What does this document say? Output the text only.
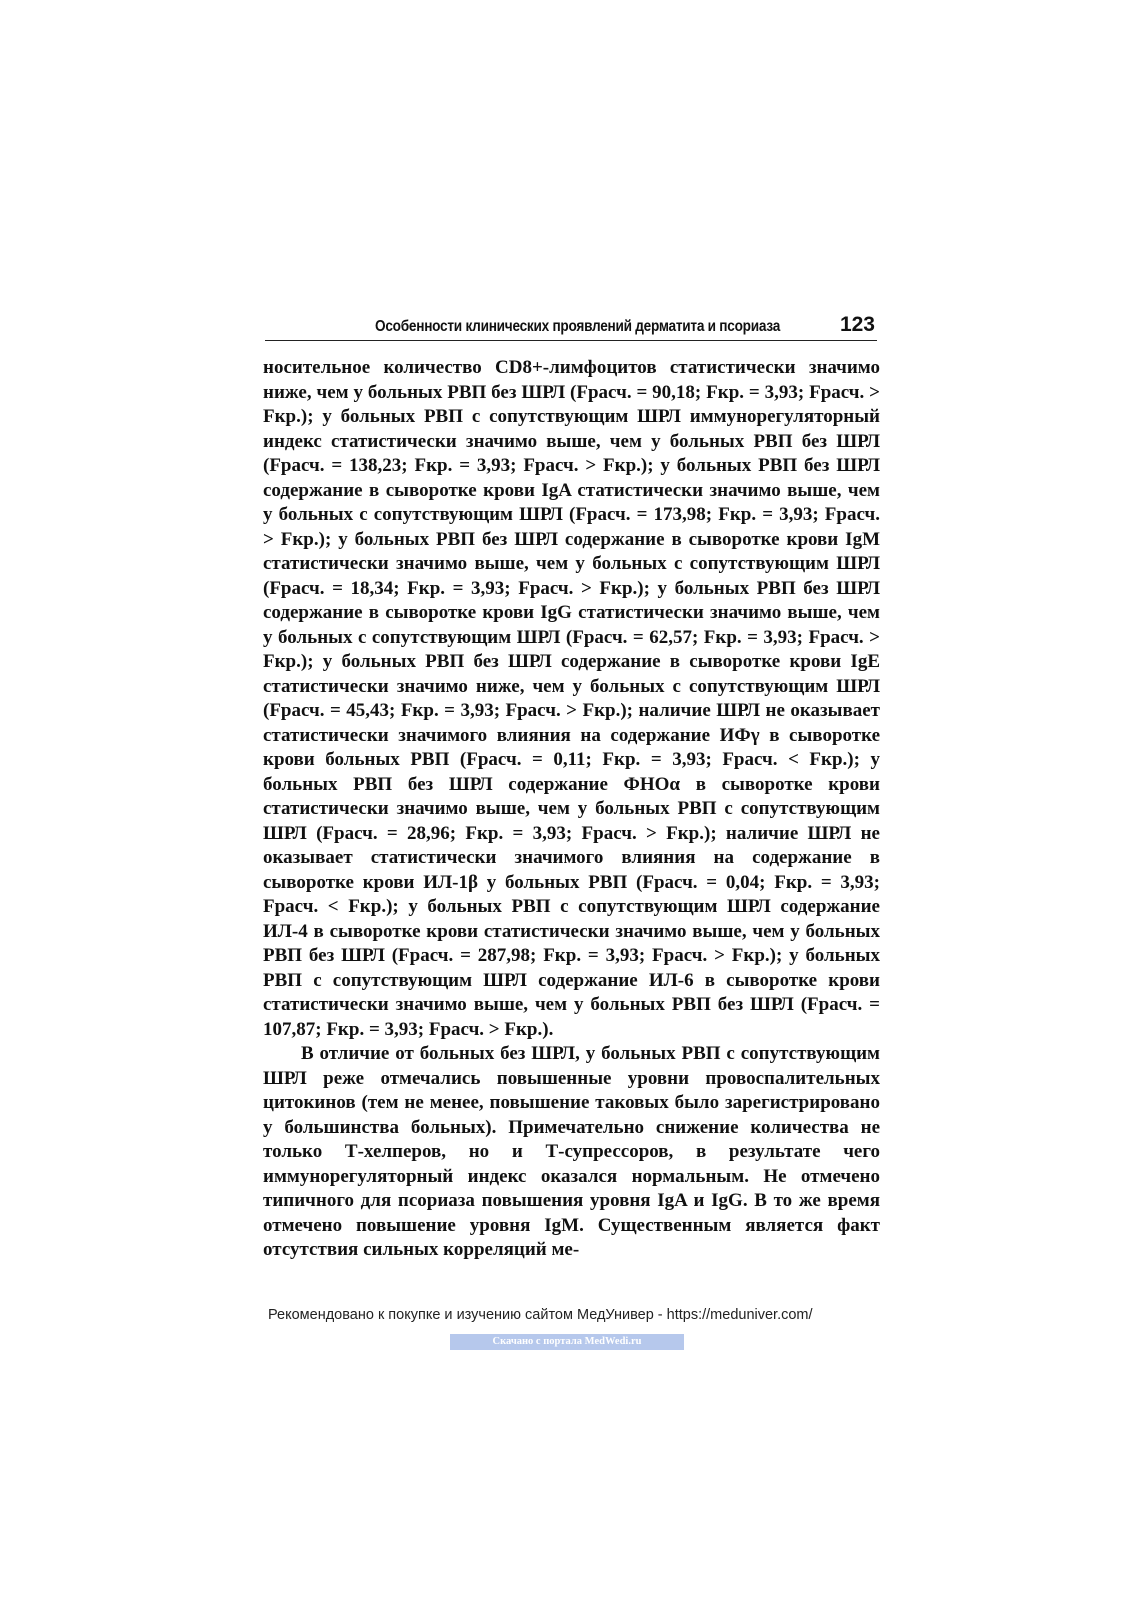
Особенности клинических проявлений дерматита и псориаза	123

носительное количество CD8+-лимфоцитов статистически значимо ниже, чем у больных РВП без ШРЛ (Fрасч. = 90,18; Fкр. = 3,93; Fрасч. > Fкр.); у больных РВП с сопутствующим ШРЛ иммунорегуляторный индекс статистически значимо выше, чем у больных РВП без ШРЛ (Fрасч. = 138,23; Fкр. = 3,93; Fрасч. > Fкр.); у больных РВП без ШРЛ содержание в сыворотке крови IgA статистически значимо выше, чем у больных с сопутствующим ШРЛ (Fрасч. = 173,98; Fкр. = 3,93; Fрасч. > Fкр.); у больных РВП без ШРЛ содержание в сыворотке крови IgM статистически значимо выше, чем у больных с сопутствующим ШРЛ (Fрасч. = 18,34; Fкр. = 3,93; Fрасч. > Fкр.); у больных РВП без ШРЛ содержание в сыворотке крови IgG статистически значимо выше, чем у больных с сопутствующим ШРЛ (Fрасч. = 62,57; Fкр. = 3,93; Fрасч. > Fкр.); у больных РВП без ШРЛ содержание в сыворотке крови IgE статистически значимо ниже, чем у больных с сопутствующим ШРЛ (Fрасч. = 45,43; Fкр. = 3,93; Fрасч. > Fкр.); наличие ШРЛ не оказывает статистически значимого влияния на содержание ИФγ в сыворотке крови больных РВП (Fрасч. = 0,11; Fкр. = 3,93; Fрасч. < Fкр.); у больных РВП без ШРЛ содержание ФНОα в сыворотке крови статистически значимо выше, чем у больных РВП с сопутствующим ШРЛ (Fрасч. = 28,96; Fкр. = 3,93; Fрасч. > Fкр.); наличие ШРЛ не оказывает статистически значимого влияния на содержание в сыворотке крови ИЛ-1β у больных РВП (Fрасч. = 0,04; Fкр. = 3,93; Fрасч. < Fкр.); у больных РВП с сопутствующим ШРЛ содержание ИЛ-4 в сыворотке крови статистически значимо выше, чем у больных РВП без ШРЛ (Fрасч. = 287,98; Fкр. = 3,93; Fрасч. > Fкр.); у больных РВП с сопутствующим ШРЛ содержание ИЛ-6 в сыворотке крови статистически значимо выше, чем у больных РВП без ШРЛ (Fрасч. = 107,87; Fкр. = 3,93; Fрасч. > Fкр.).

В отличие от больных без ШРЛ, у больных РВП с сопутствующим ШРЛ реже отмечались повышенные уровни провоспалительных цитокинов (тем не менее, повышение таковых было зарегистрировано у большинства больных). Примечательно снижение количества не только Т-хелперов, но и Т-супрессоров, в результате чего иммунорегуляторный индекс оказался нормальным. Не отмечено типичного для псориаза повышения уровня IgA и IgG. В то же время отмечено повышение уровня IgM. Существенным является факт отсутствия сильных корреляций ме-

Рекомендовано к покупке и изучению сайтом МедУнивер - https://meduniver.com/
Скачано с портала MedWedi.ru
